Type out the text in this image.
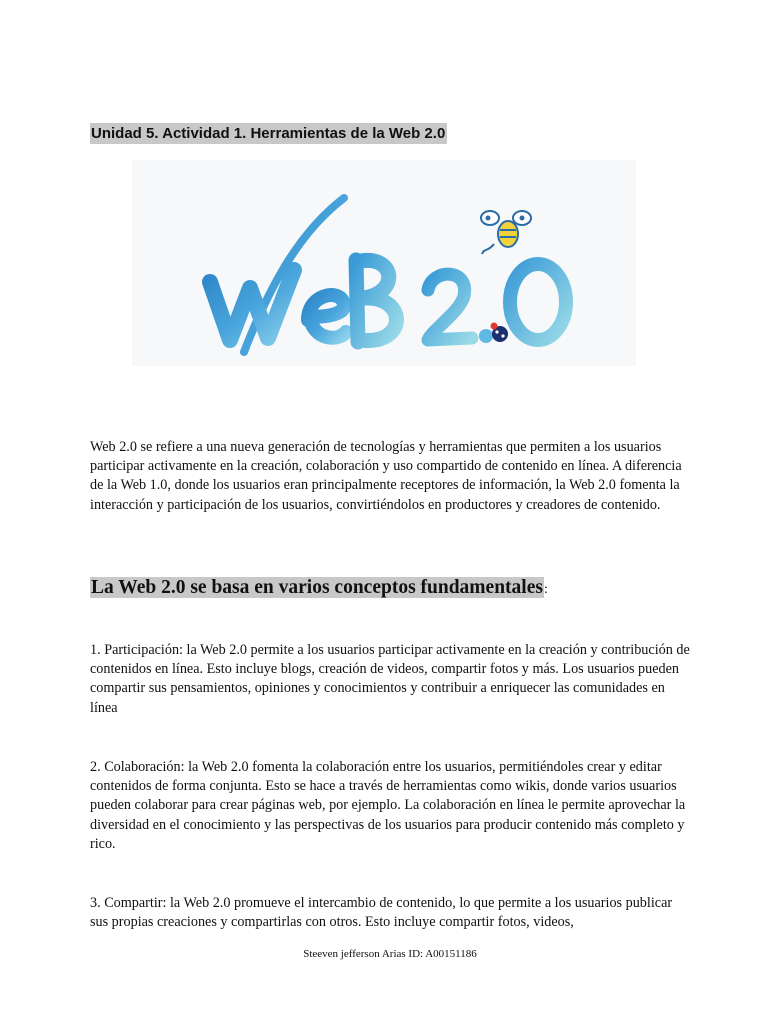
Unidad 5. Actividad 1. Herramientas de la Web 2.0

Web 2.0 se refiere a una nueva generación de tecnologías y herramientas que permiten a los usuarios participar activamente en la creación, colaboración y uso compartido de contenido en línea. A diferencia de la Web 1.0, donde los usuarios eran principalmente receptores de información, la Web 2.0 fomenta la interacción y participación de los usuarios, convirtiéndolos en productores y creadores de contenido.

La Web 2.0 se basa en varios conceptos fundamentales:

1. Participación: la Web 2.0 permite a los usuarios participar activamente en la creación y contribución de contenidos en línea. Esto incluye blogs, creación de videos, compartir fotos y más. Los usuarios pueden compartir sus pensamientos, opiniones y conocimientos y contribuir a enriquecer las comunidades en línea

2. Colaboración: la Web 2.0 fomenta la colaboración entre los usuarios, permitiéndoles crear y editar contenidos de forma conjunta. Esto se hace a través de herramientas como wikis, donde varios usuarios pueden colaborar para crear páginas web, por ejemplo. La colaboración en línea le permite aprovechar la diversidad en el conocimiento y las perspectivas de los usuarios para producir contenido más completo y rico.

3. Compartir: la Web 2.0 promueve el intercambio de contenido, lo que permite a los usuarios publicar sus propias creaciones y compartirlas con otros. Esto incluye compartir fotos, videos,

Steeven jefferson Arias ID: A00151186
